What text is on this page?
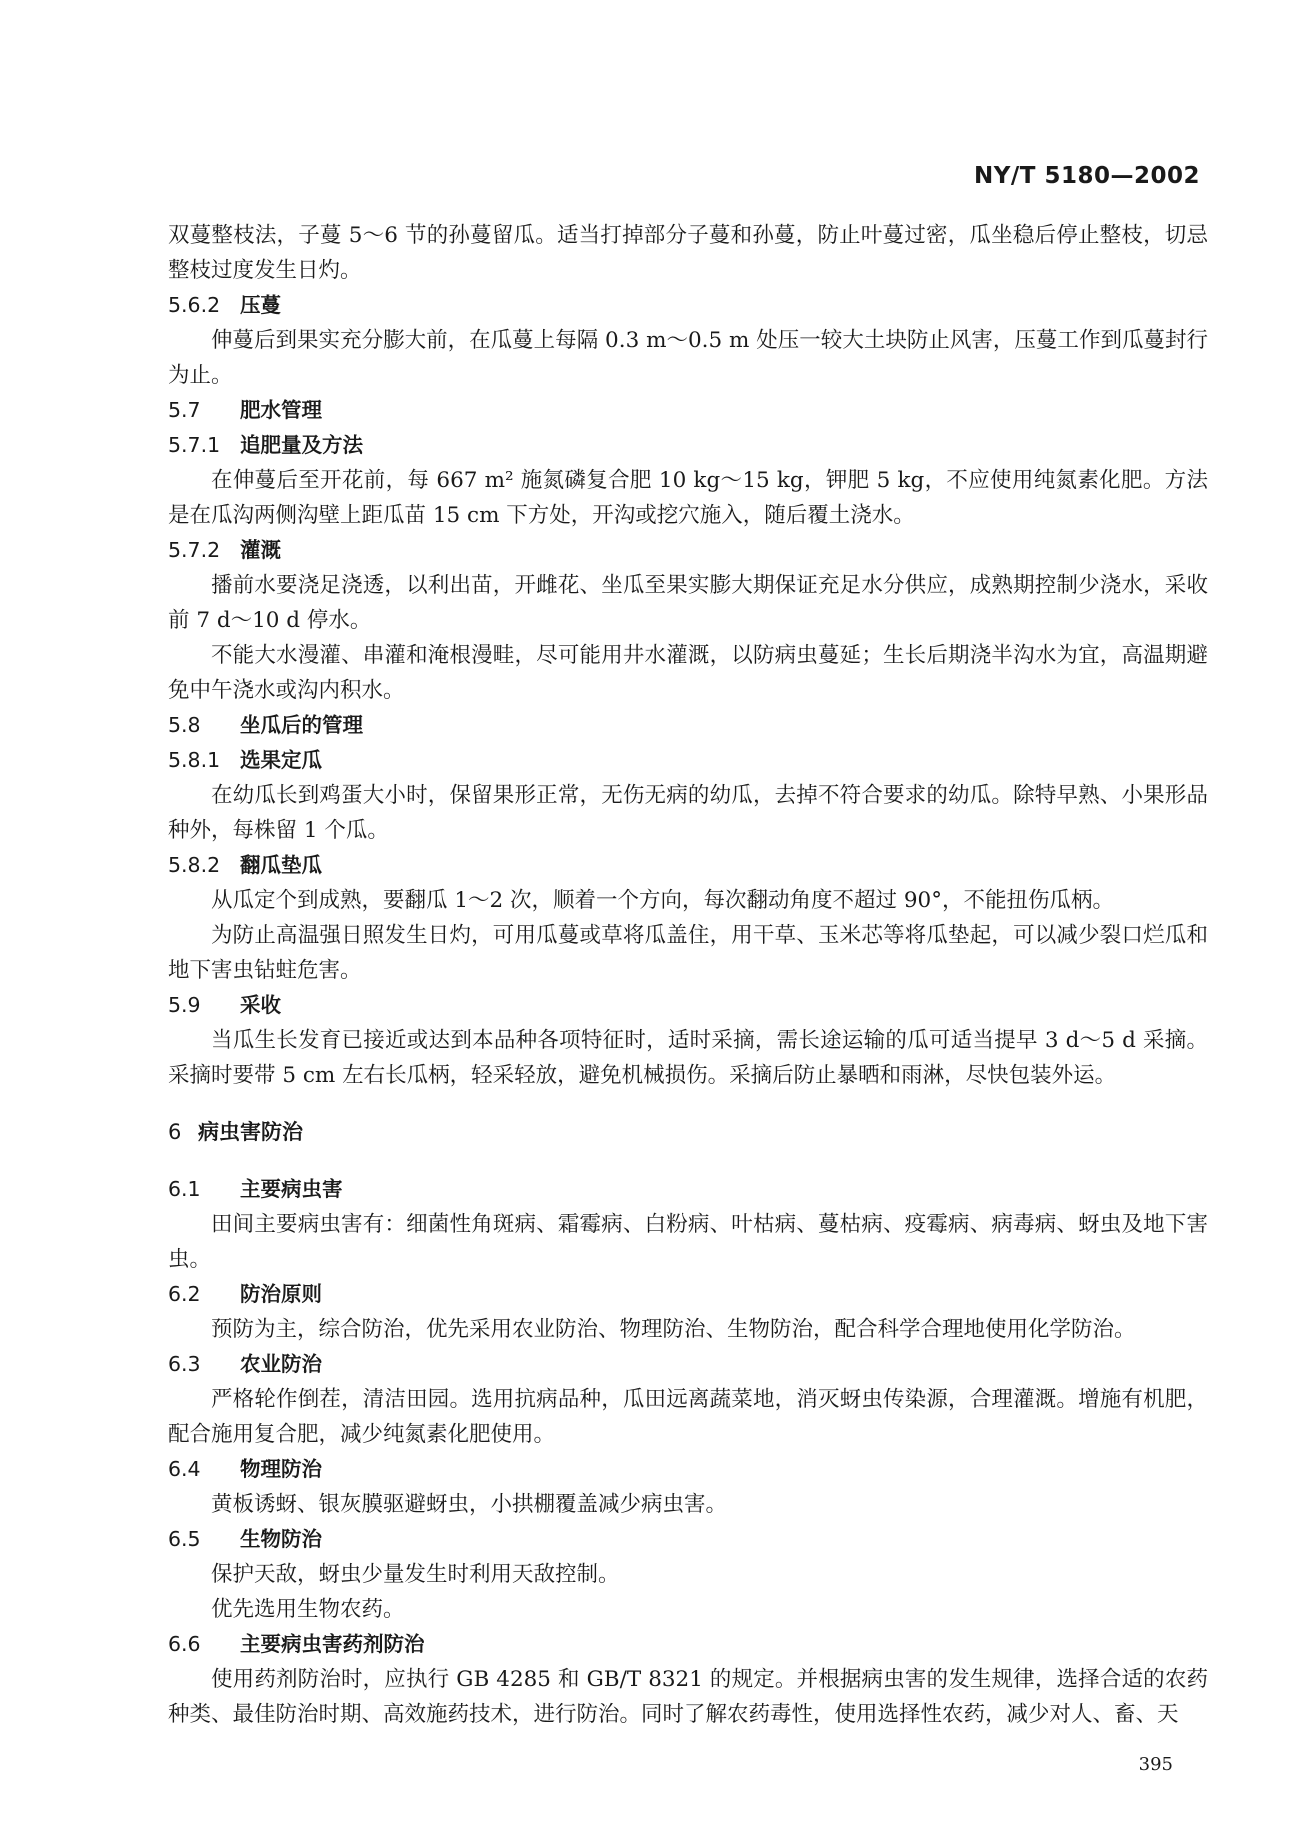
NY/T 5180—2002

双蔓整枝法，子蔓 5～6 节的孙蔓留瓜。适当打掉部分子蔓和孙蔓，防止叶蔓过密，瓜坐稳后停止整枝，切忌整枝过度发生日灼。

5.6.2 压蔓

伸蔓后到果实充分膨大前，在瓜蔓上每隔 0.3 m～0.5 m 处压一较大土块防止风害，压蔓工作到瓜蔓封行为止。

5.7 肥水管理
5.7.1 追肥量及方法

在伸蔓后至开花前，每 667 m² 施氮磷复合肥 10 kg～15 kg，钾肥 5 kg，不应使用纯氮素化肥。方法是在瓜沟两侧沟壁上距瓜苗 15 cm 下方处，开沟或挖穴施入，随后覆土浇水。

5.7.2 灌溉

播前水要浇足浇透，以利出苗，开雌花、坐瓜至果实膨大期保证充足水分供应，成熟期控制少浇水，采收前 7 d～10 d 停水。

不能大水漫灌、串灌和淹根漫畦，尽可能用井水灌溉，以防病虫蔓延；生长后期浇半沟水为宜，高温期避免中午浇水或沟内积水。

5.8 坐瓜后的管理
5.8.1 选果定瓜

在幼瓜长到鸡蛋大小时，保留果形正常，无伤无病的幼瓜，去掉不符合要求的幼瓜。除特早熟、小果形品种外，每株留 1 个瓜。

5.8.2 翻瓜垫瓜

从瓜定个到成熟，要翻瓜 1～2 次，顺着一个方向，每次翻动角度不超过 90°，不能扭伤瓜柄。

为防止高温强日照发生日灼，可用瓜蔓或草将瓜盖住，用干草、玉米芯等将瓜垫起，可以减少裂口烂瓜和地下害虫钻蛀危害。

5.9 采收

当瓜生长发育已接近或达到本品种各项特征时，适时采摘，需长途运输的瓜可适当提早 3 d～5 d 采摘。采摘时要带 5 cm 左右长瓜柄，轻采轻放，避免机械损伤。采摘后防止暴晒和雨淋，尽快包装外运。

6 病虫害防治
6.1 主要病虫害

田间主要病虫害有：细菌性角斑病、霜霉病、白粉病、叶枯病、蔓枯病、疫霉病、病毒病、蚜虫及地下害虫。

6.2 防治原则

预防为主，综合防治，优先采用农业防治、物理防治、生物防治，配合科学合理地使用化学防治。

6.3 农业防治

严格轮作倒茬，清洁田园。选用抗病品种，瓜田远离蔬菜地，消灭蚜虫传染源，合理灌溉。增施有机肥，配合施用复合肥，减少纯氮素化肥使用。

6.4 物理防治

黄板诱蚜、银灰膜驱避蚜虫，小拱棚覆盖减少病虫害。

6.5 生物防治

保护天敌，蚜虫少量发生时利用天敌控制。

优先选用生物农药。

6.6 主要病虫害药剂防治

使用药剂防治时，应执行 GB 4285 和 GB/T 8321 的规定。并根据病虫害的发生规律，选择合适的农药种类、最佳防治时期、高效施药技术，进行防治。同时了解农药毒性，使用选择性农药，减少对人、畜、天

395
